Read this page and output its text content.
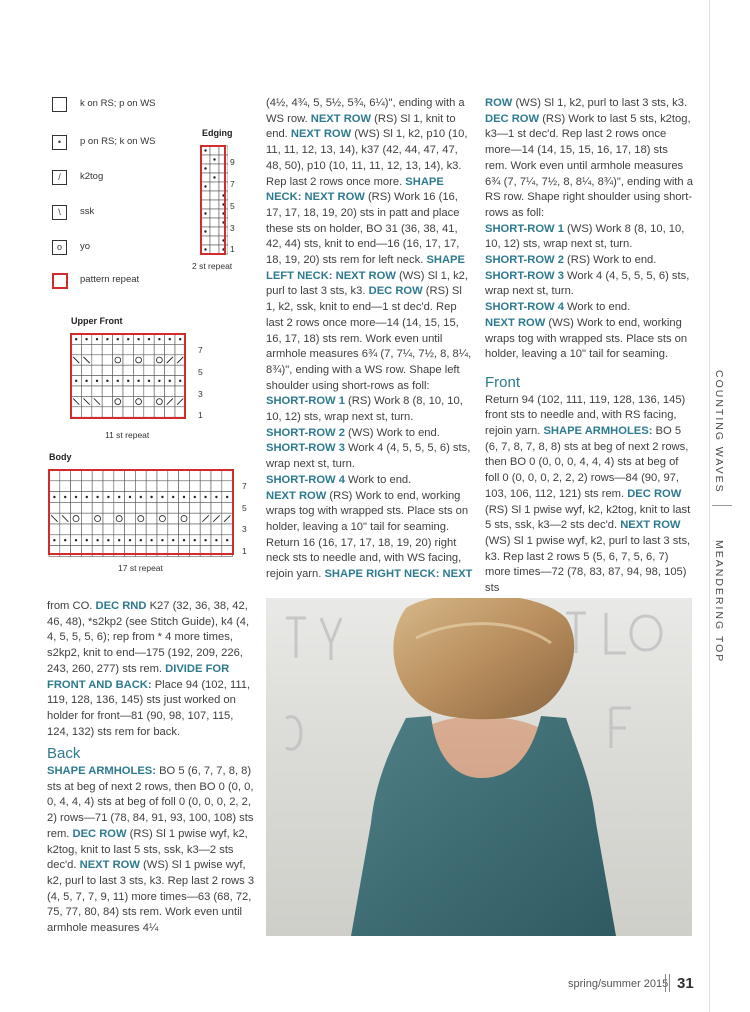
k on RS; p on WS
•	p on RS; k on WS
/	k2tog
\	ssk
o	yo
pattern repeat
Edging
9
7
5
3
1
2 st repeat
Upper Front
7
5
3
1
11 st repeat
Body
7
5
3
1
17 st repeat

from CO. DEC RND K27 (32, 36, 38, 42, 46, 48), *s2kp2 (see Stitch Guide), k4 (4, 4, 5, 5, 5, 6); rep from * 4 more times, s2kp2, knit to end—175 (192, 209, 226, 243, 260, 277) sts rem. DIVIDE FOR FRONT AND BACK: Place 94 (102, 111, 119, 128, 136, 145) sts just worked on holder for front—81 (90, 98, 107, 115, 124, 132) sts rem for back.

Back

SHAPE ARMHOLES: BO 5 (6, 7, 7, 8, 8) sts at beg of next 2 rows, then BO 0 (0, 0, 0, 4, 4, 4) sts at beg of foll 0 (0, 0, 0, 2, 2, 2) rows—71 (78, 84, 91, 93, 100, 108) sts rem. DEC ROW (RS) Sl 1 pwise wyf, k2, k2tog, knit to last 5 sts, ssk, k3—2 sts dec'd. NEXT ROW (WS) Sl 1 pwise wyf, k2, purl to last 3 sts, k3. Rep last 2 rows 3 (4, 5, 7, 7, 9, 11) more times—63 (68, 72, 75, 77, 80, 84) sts rem. Work even until armhole measures 4¼

(4½, 4¾, 5, 5½, 5¾, 6¼)", ending with a WS row. NEXT ROW (RS) Sl 1, knit to end. NEXT ROW (WS) Sl 1, k2, p10 (10, 11, 11, 12, 13, 14), k37 (42, 44, 47, 47, 48, 50), p10 (10, 11, 11, 12, 13, 14), k3. Rep last 2 rows once more. SHAPE NECK: NEXT ROW (RS) Work 16 (16, 17, 17, 18, 19, 20) sts in patt and place these sts on holder, BO 31 (36, 38, 41, 42, 44) sts, knit to end—16 (16, 17, 17, 18, 19, 20) sts rem for left neck. SHAPE LEFT NECK: NEXT ROW (WS) Sl 1, k2, purl to last 3 sts, k3. DEC ROW (RS) Sl 1, k2, ssk, knit to end—1 st dec'd. Rep last 2 rows once more—14 (14, 15, 15, 16, 17, 18) sts rem. Work even until armhole measures 6¾ (7, 7¼, 7½, 8, 8¼, 8¾)", ending with a WS row. Shape left shoulder using short-rows as foll:

SHORT-ROW 1 (RS) Work 8 (8, 10, 10, 10, 12) sts, wrap next st, turn.

SHORT-ROW 2 (WS) Work to end.

SHORT-ROW 3 Work 4 (4, 5, 5, 5, 6) sts, wrap next st, turn.

SHORT-ROW 4 Work to end.

NEXT ROW (RS) Work to end, working wraps tog with wrapped sts. Place sts on holder, leaving a 10" tail for seaming. Return 16 (16, 17, 17, 18, 19, 20) right neck sts to needle and, with WS facing, rejoin yarn. SHAPE RIGHT NECK: NEXT

ROW (WS) Sl 1, k2, purl to last 3 sts, k3. DEC ROW (RS) Work to last 5 sts, k2tog, k3—1 st dec'd. Rep last 2 rows once more—14 (14, 15, 15, 16, 17, 18) sts rem. Work even until armhole measures 6¾ (7, 7¼, 7½, 8, 8¼, 8¾)", ending with a RS row. Shape right shoulder using short-rows as foll:

SHORT-ROW 1 (WS) Work 8 (8, 10, 10, 10, 12) sts, wrap next st, turn.

SHORT-ROW 2 (RS) Work to end.

SHORT-ROW 3 Work 4 (4, 5, 5, 5, 6) sts, wrap next st, turn.

SHORT-ROW 4 Work to end.

NEXT ROW (WS) Work to end, working wraps tog with wrapped sts. Place sts on holder, leaving a 10" tail for seaming.

Front

Return 94 (102, 111, 119, 128, 136, 145) front sts to needle and, with RS facing, rejoin yarn. SHAPE ARMHOLES: BO 5 (6, 7, 8, 7, 8, 8) sts at beg of next 2 rows, then BO 0 (0, 0, 0, 4, 4, 4) sts at beg of foll 0 (0, 0, 0, 2, 2, 2) rows—84 (90, 97, 103, 106, 112, 121) sts rem. DEC ROW (RS) Sl 1 pwise wyf, k2, k2tog, knit to last 5 sts, ssk, k3—2 sts dec'd. NEXT ROW (WS) Sl 1 pwise wyf, k2, purl to last 3 sts, k3. Rep last 2 rows 5 (5, 6, 7, 5, 6, 7) more times—72 (78, 83, 87, 94, 98, 105) sts

COUNTING WAVES
MEANDERING TOP
spring/summer 2015 31
